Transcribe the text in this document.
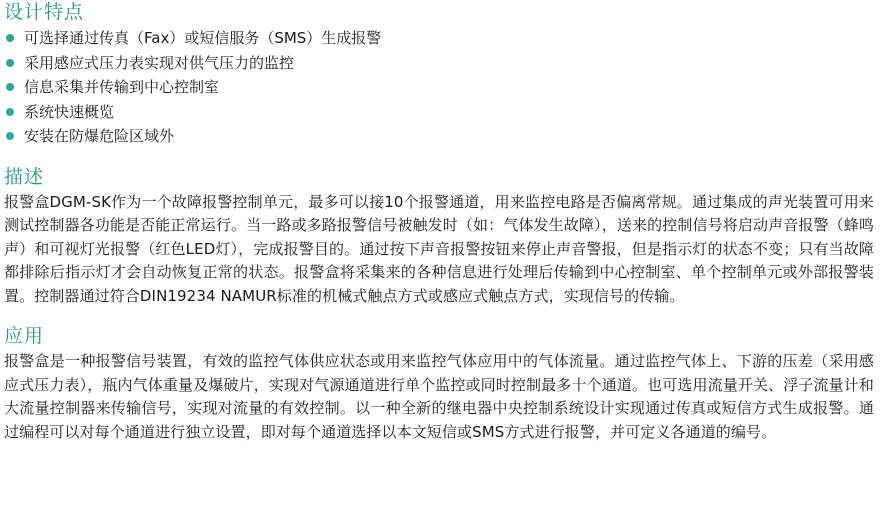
设计特点
可选择通过传真（Fax）或短信服务（SMS）生成报警
采用感应式压力表实现对供气压力的监控
信息采集并传输到中心控制室
系统快速概览
安装在防爆危险区域外
描述

报警盒DGM-SK作为一个故障报警控制单元，最多可以接10个报警通道，用来监控电路是否偏离常规。通过集成的声光装置可用来测试控制器各功能是否能正常运行。当一路或多路报警信号被触发时（如：气体发生故障），送来的控制信号将启动声音报警（蜂鸣声）和可视灯光报警（红色LED灯），完成报警目的。通过按下声音报警按钮来停止声音警报，但是指示灯的状态不变；只有当故障都排除后指示灯才会自动恢复正常的状态。报警盒将采集来的各种信息进行处理后传输到中心控制室、单个控制单元或外部报警装置。控制器通过符合DIN19234 NAMUR标准的机械式触点方式或感应式触点方式，实现信号的传输。

应用

报警盒是一种报警信号装置，有效的监控气体供应状态或用来监控气体应用中的气体流量。通过监控气体上、下游的压差（采用感应式压力表），瓶内气体重量及爆破片，实现对气源通道进行单个监控或同时控制最多十个通道。也可选用流量开关、浮子流量计和大流量控制器来传输信号，实现对流量的有效控制。以一种全新的继电器中央控制系统设计实现通过传真或短信方式生成报警。通过编程可以对每个通道进行独立设置，即对每个通道选择以本文短信或SMS方式进行报警，并可定义各通道的编号。
